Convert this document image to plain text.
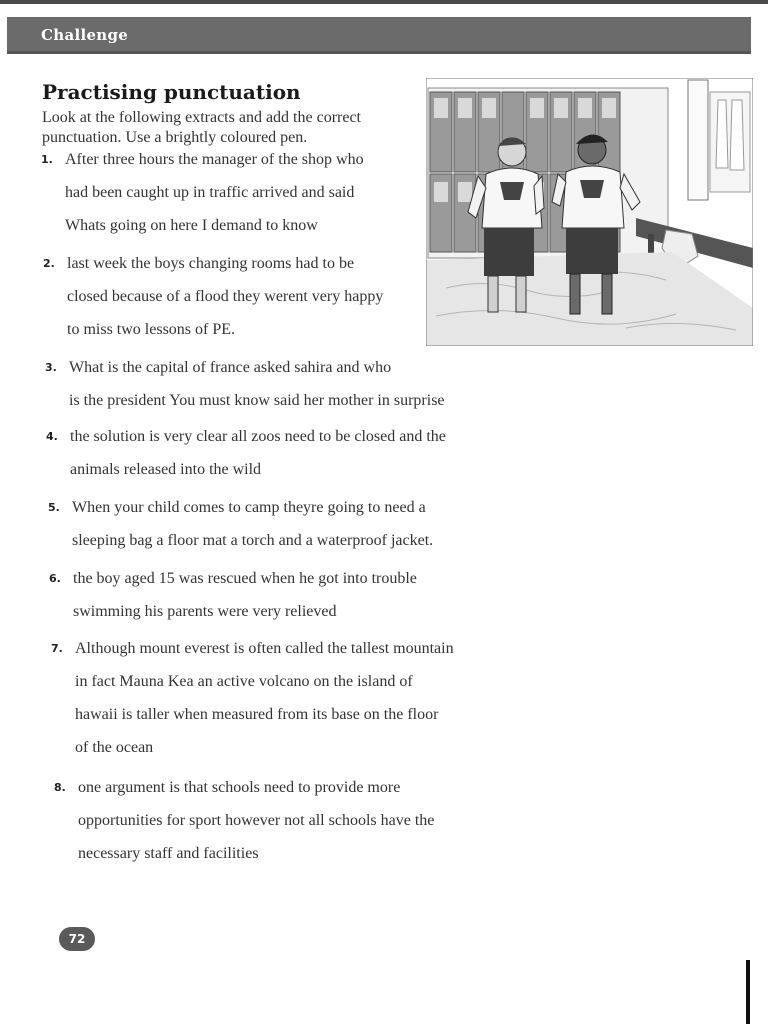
Challenge
Practising punctuation
Look at the following extracts and add the correct
punctuation. Use a brightly coloured pen.
1. After three hours the manager of the shop who
had been caught up in traffic arrived and said
Whats going on here I demand to know
2. last week the boys changing rooms had to be
closed because of a flood they werent very happy
to miss two lessons of PE.
3. What is the capital of france asked sahira and who
is the president You must know said her mother in surprise
4. the solution is very clear all zoos need to be closed and the
animals released into the wild
5. When your child comes to camp theyre going to need a
sleeping bag a floor mat a torch and a waterproof jacket.
6. the boy aged 15 was rescued when he got into trouble
swimming his parents were very relieved
7. Although mount everest is often called the tallest mountain
in fact Mauna Kea an active volcano on the island of
hawaii is taller when measured from its base on the floor
of the ocean
8. one argument is that schools need to provide more
opportunities for sport however not all schools have the
necessary staff and facilities
72
